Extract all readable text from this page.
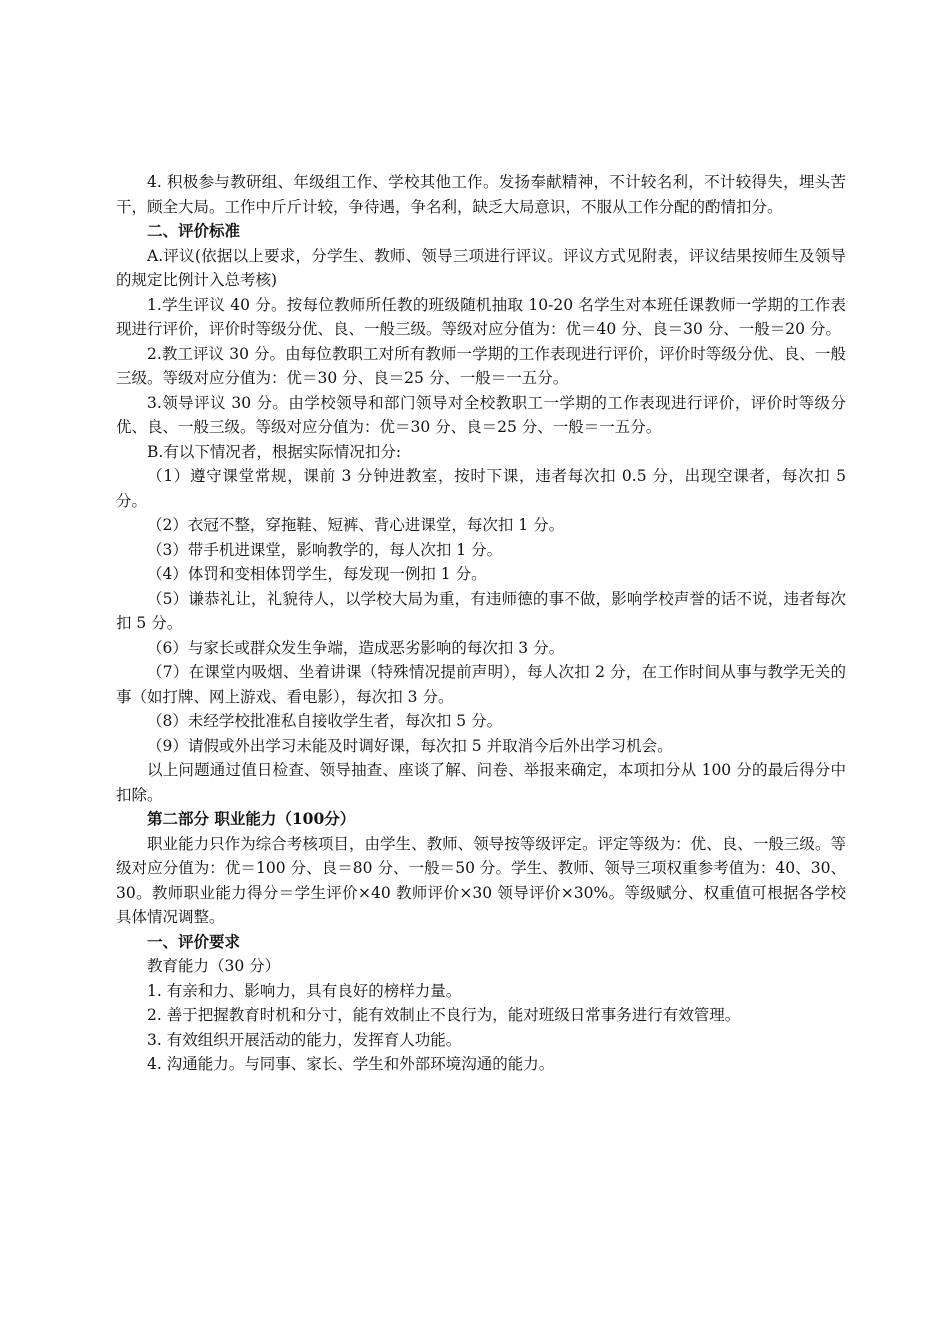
4. 积极参与教研组、年级组工作、学校其他工作。发扬奉献精神，不计较名利，不计较得失，埋头苦干，顾全大局。工作中斤斤计较，争待遇，争名利，缺乏大局意识，不服从工作分配的酌情扣分。

二、评价标准

A.评议(依据以上要求，分学生、教师、领导三项进行评议。评议方式见附表，评议结果按师生及领导的规定比例计入总考核)

1.学生评议 40 分。按每位教师所任教的班级随机抽取 10-20 名学生对本班任课教师一学期的工作表现进行评价，评价时等级分优、良、一般三级。等级对应分值为：优＝40 分、良＝30 分、一般＝20 分。

2.教工评议 30 分。由每位教职工对所有教师一学期的工作表现进行评价，评价时等级分优、良、一般三级。等级对应分值为：优＝30 分、良＝25 分、一般＝一五分。

3.领导评议 30 分。由学校领导和部门领导对全校教职工一学期的工作表现进行评价，评价时等级分优、良、一般三级。等级对应分值为：优＝30 分、良＝25 分、一般＝一五分。

B.有以下情况者，根据实际情况扣分:

（1）遵守课堂常规，课前 3 分钟进教室，按时下课，违者每次扣 0.5 分，出现空课者，每次扣 5 分。

（2）衣冠不整，穿拖鞋、短裤、背心进课堂，每次扣 1 分。

（3）带手机进课堂，影响教学的，每人次扣 1 分。

（4）体罚和变相体罚学生，每发现一例扣 1 分。

（5）谦恭礼让，礼貌待人，以学校大局为重，有违师德的事不做，影响学校声誉的话不说，违者每次扣 5 分。

（6）与家长或群众发生争端，造成恶劣影响的每次扣 3 分。

（7）在课堂内吸烟、坐着讲课（特殊情况提前声明），每人次扣 2 分，在工作时间从事与教学无关的事（如打牌、网上游戏、看电影），每次扣 3 分。

（8）未经学校批准私自接收学生者，每次扣 5 分。

（9）请假或外出学习未能及时调好课，每次扣 5 并取消今后外出学习机会。

以上问题通过值日检查、领导抽查、座谈了解、问卷、举报来确定，本项扣分从 100 分的最后得分中扣除。

第二部分 职业能力（100分）

职业能力只作为综合考核项目，由学生、教师、领导按等级评定。评定等级为：优、良、一般三级。等级对应分值为：优＝100 分、良＝80 分、一般＝50 分。学生、教师、领导三项权重参考值为：40、30、30。教师职业能力得分＝学生评价×40 教师评价×30 领导评价×30%。等级赋分、权重值可根据各学校具体情况调整。

一、评价要求

教育能力（30 分）

1. 有亲和力、影响力，具有良好的榜样力量。

2. 善于把握教育时机和分寸，能有效制止不良行为，能对班级日常事务进行有效管理。

3. 有效组织开展活动的能力，发挥育人功能。

4. 沟通能力。与同事、家长、学生和外部环境沟通的能力。
